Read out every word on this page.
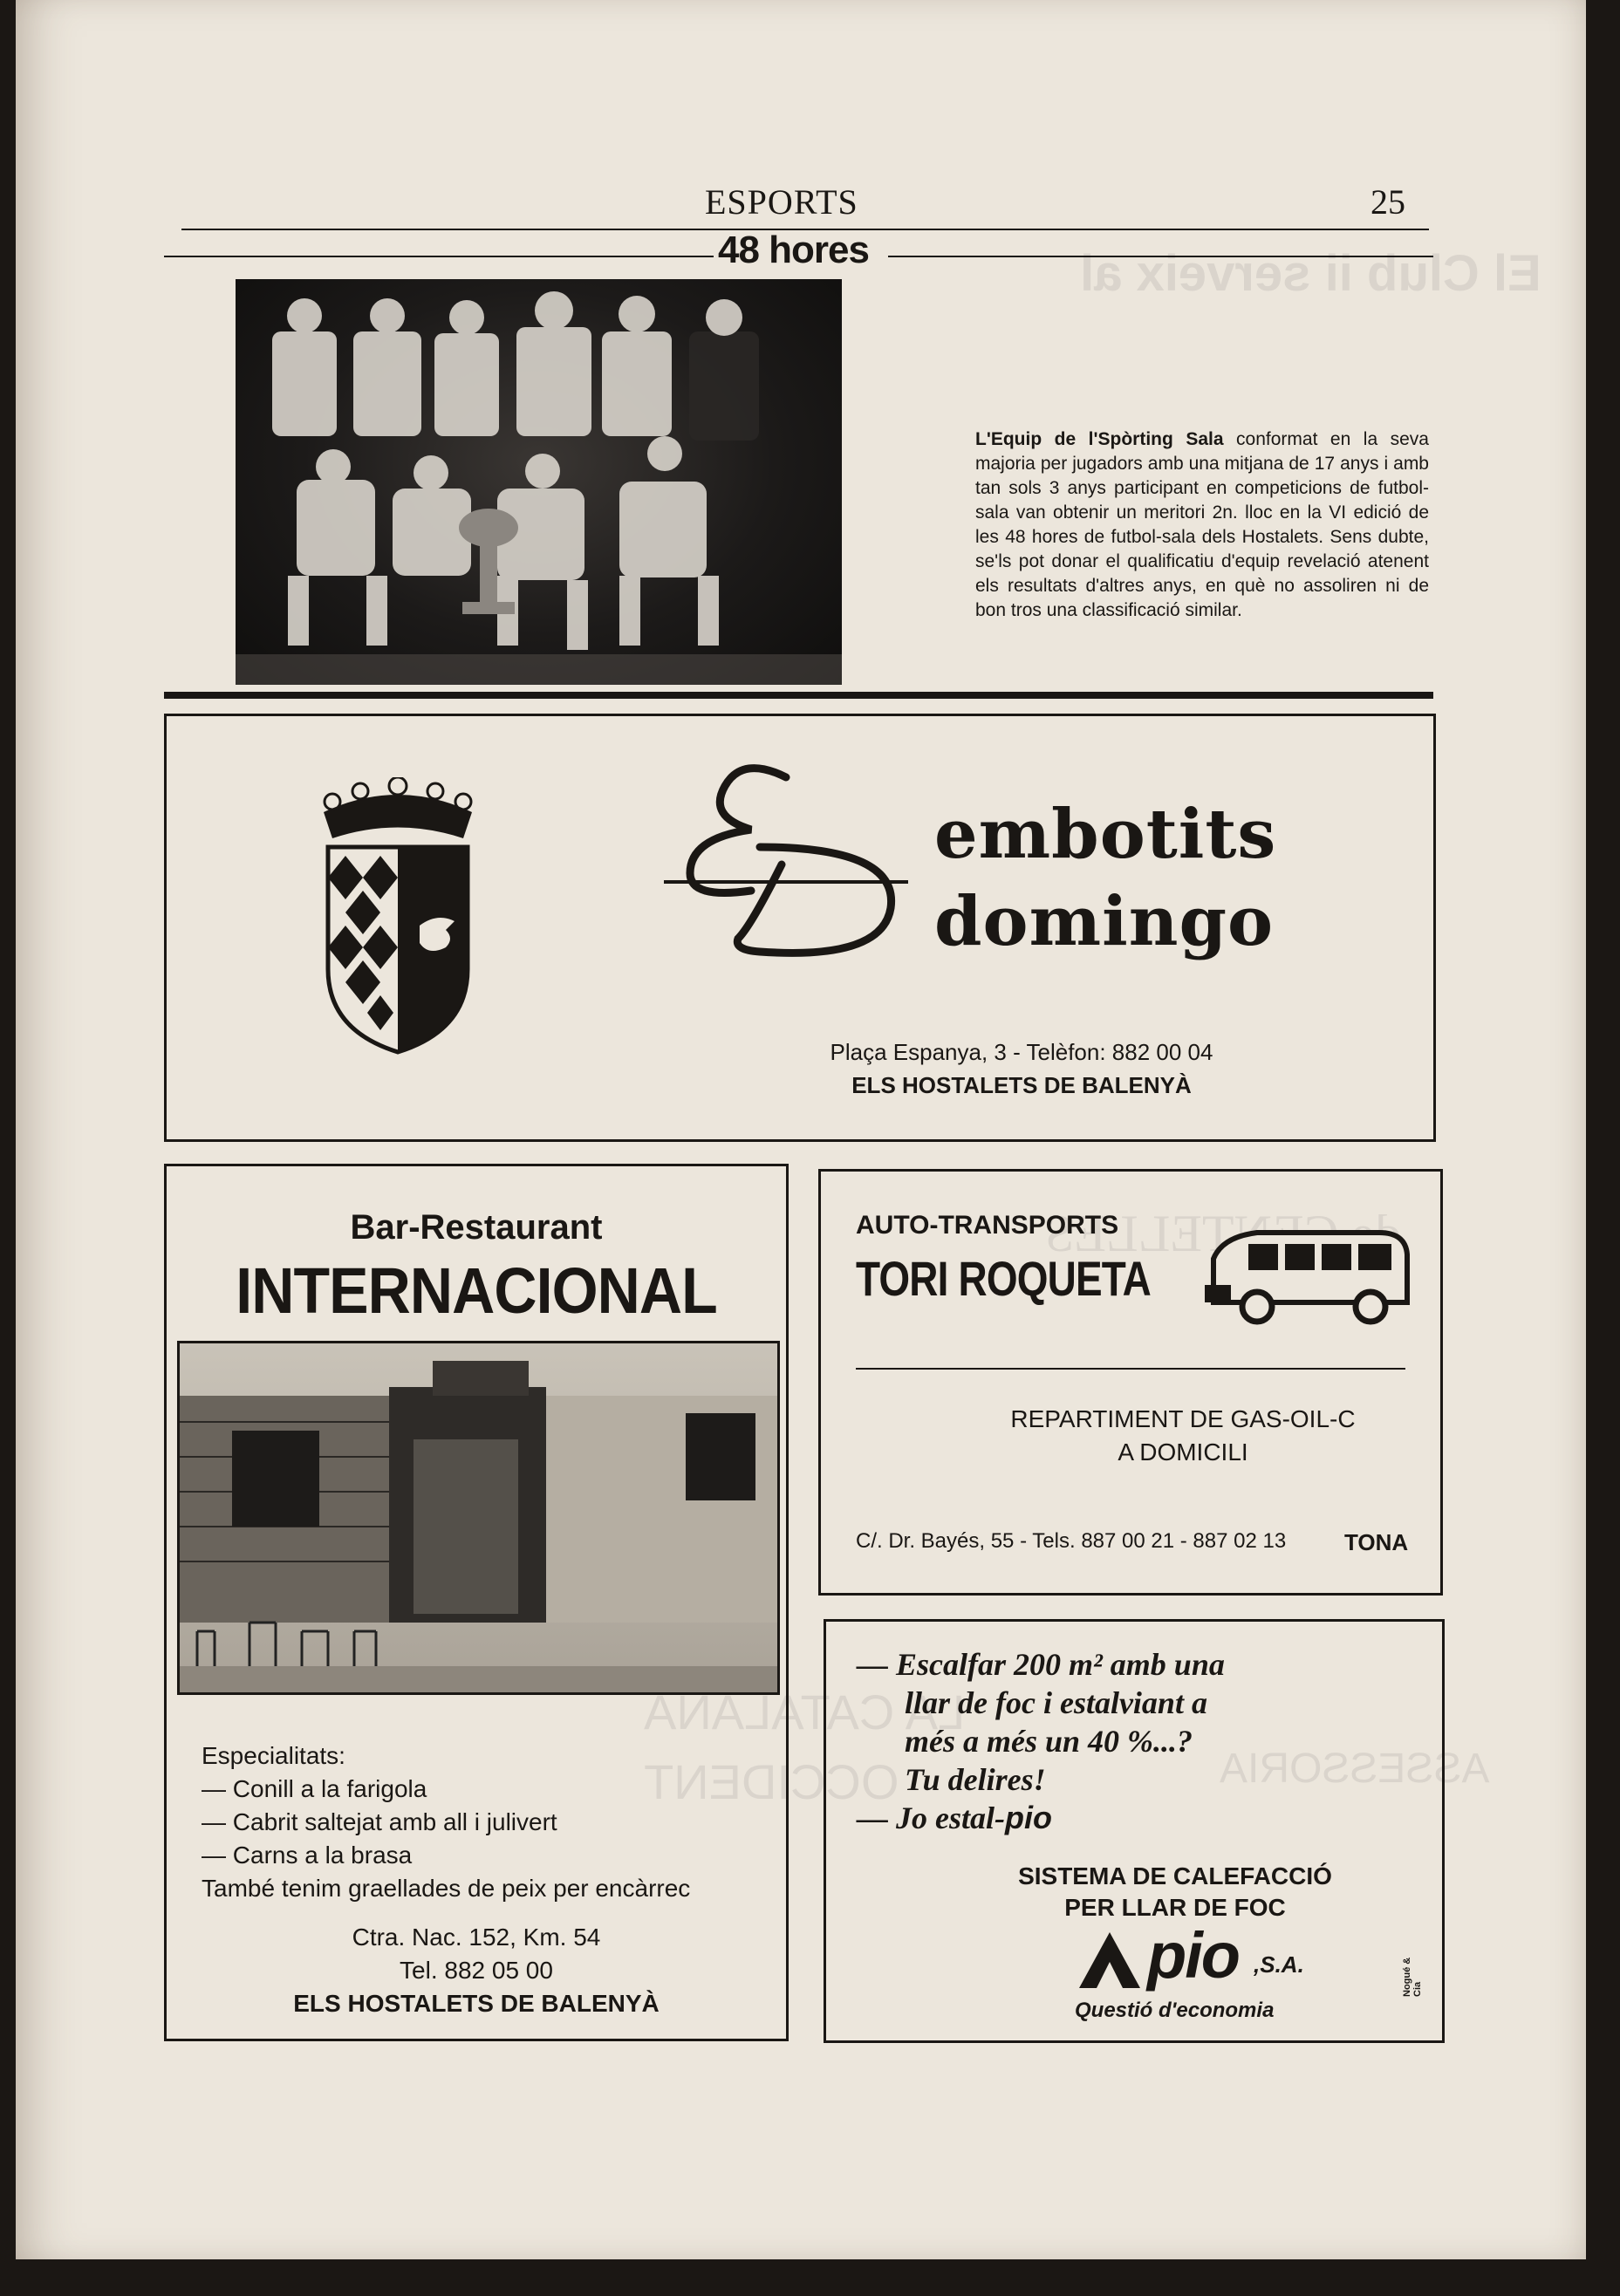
El Club ii serveix al
de CENTELLES
LA CATALANA
OCCIDENT	ASSESSORIA
ESPORTS	25
48 hores
L'Equip de l'Spòrting Sala conformat en la seva majoria per jugadors amb una mitjana de 17 anys i amb tan sols 3 anys participant en competicions de futbol-sala van obtenir un meritori 2n. lloc en la VI edició de les 48 hores de futbol-sala dels Hostalets. Sens dubte, se'ls pot donar el qualificatiu d'equip revelació atenent els resultats d'altres anys, en què no assoliren ni de bon tros una classificació similar.
embotits
domingo
Plaça Espanya, 3 - Telèfon: 882 00 04
ELS HOSTALETS DE BALENYÀ
Bar-Restaurant
INTERNACIONAL
Especialitats:
— Conill a la farigola
— Cabrit saltejat amb all i julivert
— Carns a la brasa
També tenim graellades de peix per encàrrec
Ctra. Nac. 152, Km. 54
Tel. 882 05 00
ELS HOSTALETS DE BALENYÀ
AUTO-TRANSPORTS
TORI ROQUETA
REPARTIMENT DE GAS-OIL-C
A DOMICILI
C/. Dr. Bayés, 55 - Tels. 887 00 21 - 887 02 13	TONA
— Escalfar 200 m² amb una
llar de foc i estalviant a
més a més un 40 %...?
Tu delires!
— Jo estal-pio
SISTEMA DE CALEFACCIÓ
PER LLAR DE FOC
pio ,S.A.
Questió d'economia
Nogué & Cia
